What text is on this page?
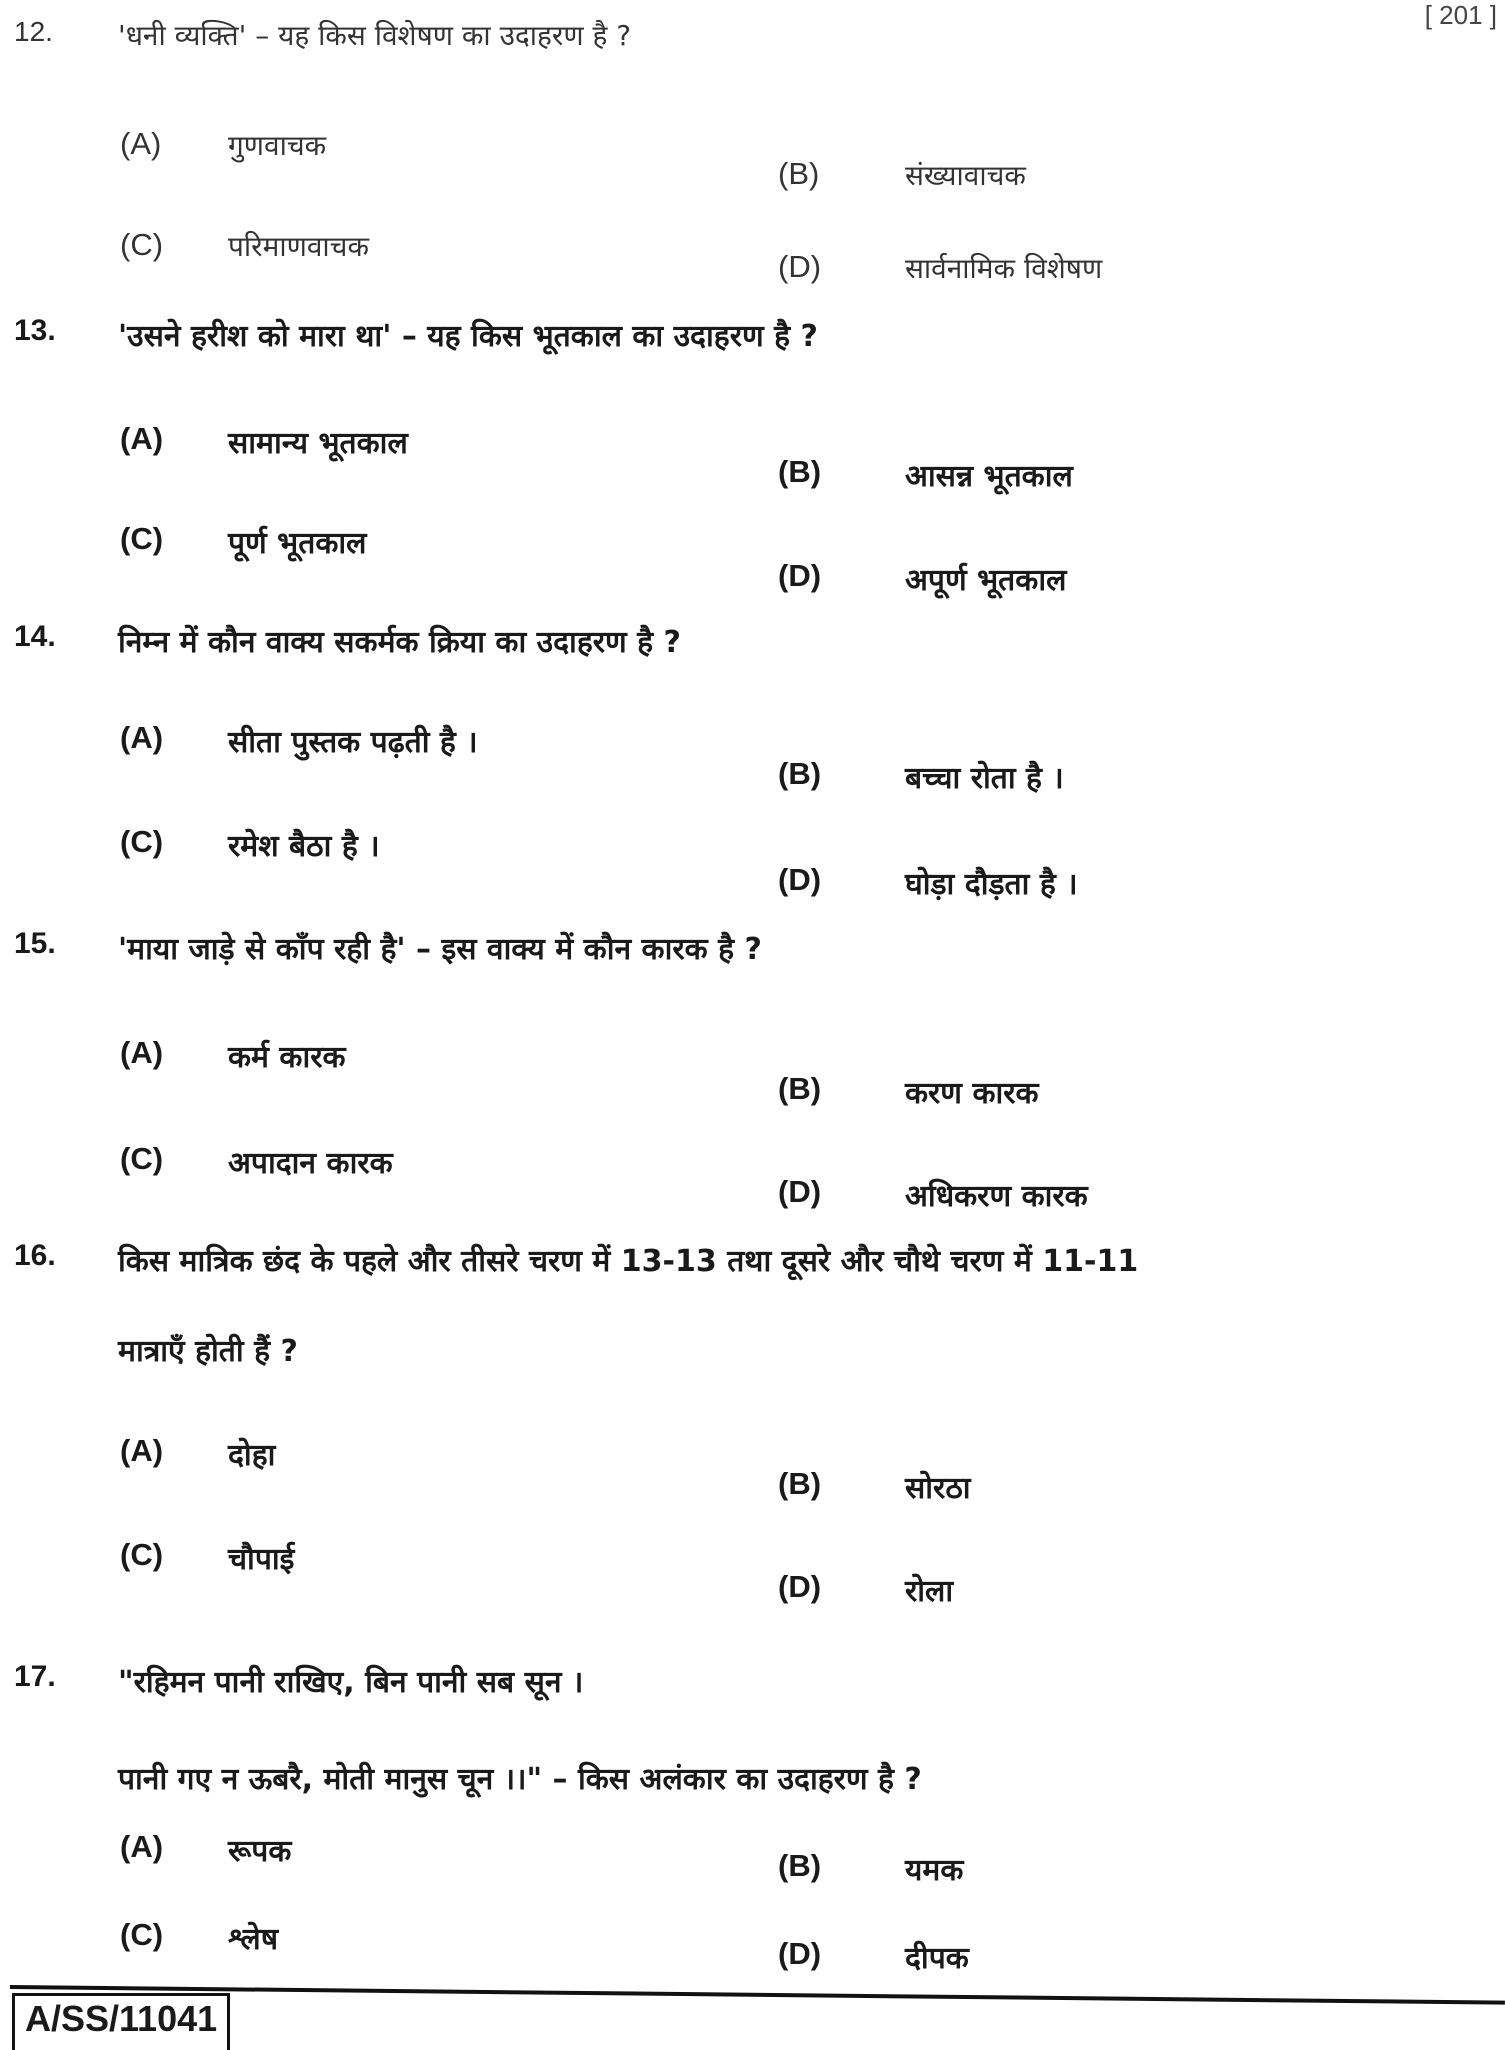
[ 201 ]
12. 'धनी व्यक्ति' – यह किस विशेषण का उदाहरण है ?
(A) गुणवाचक
(B)	संख्यावाचक
(C) परिमाणवाचक
(D)	सार्वनामिक विशेषण
13. 'उसने हरीश को मारा था' – यह किस भूतकाल का उदाहरण है ?
(A) सामान्य भूतकाल
(B)	आसन्न भूतकाल
(C) पूर्ण भूतकाल
(D)	अपूर्ण भूतकाल
14. निम्न में कौन वाक्य सकर्मक क्रिया का उदाहरण है ?
(A) सीता पुस्तक पढ़ती है ।
(B)	बच्चा रोता है ।
(C) रमेश बैठा है ।
(D)	घोड़ा दौड़ता है ।
15. 'माया जाड़े से काँप रही है' – इस वाक्य में कौन कारक है ?
(A) कर्म कारक
(B)	करण कारक
(C) अपादान कारक
(D)	अधिकरण कारक
16. किस मात्रिक छंद के पहले और तीसरे चरण में 13-13 तथा दूसरे और चौथे चरण में 11-11
मात्राएँ होती हैं ?
(A) दोहा
(B)	सोरठा
(C) चौपाई
(D)	रोला
17. "रहिमन पानी राखिए, बिन पानी सब सून ।
पानी गए न ऊबरै, मोती मानुस चून ।।" – किस अलंकार का उदाहरण है ?
(A) रूपक	(B)	यमक
(C) श्लेष	(D)	दीपक
A/SS/11041
